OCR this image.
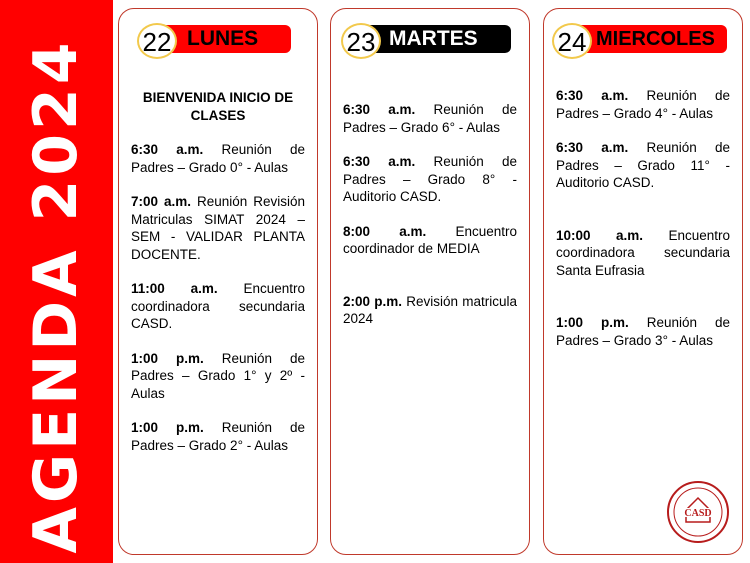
AGENDA 2024 22 LUNES
BIENVENIDA INICIO DE CLASES
6:30 a.m. Reunión de Padres – Grado 0° - Aulas
7:00 a.m. Reunión Revisión Matriculas SIMAT 2024 – SEM - VALIDAR PLANTA DOCENTE.
11:00 a.m. Encuentro coordinadora secundaria CASD.
1:00 p.m. Reunión de Padres – Grado 1° y 2º - Aulas
1:00 p.m. Reunión de Padres – Grado 2° - Aulas
23 MARTES
6:30 a.m. Reunión de Padres – Grado 6° - Aulas
6:30 a.m. Reunión de Padres – Grado 8° - Auditorio CASD.
8:00 a.m. Encuentro coordinador de MEDIA
2:00 p.m. Revisión matricula 2024
24 MIERCOLES
6:30 a.m. Reunión de Padres – Grado 4° - Aulas
6:30 a.m. Reunión de Padres – Grado 11° - Auditorio CASD.
10:00 a.m. Encuentro coordinadora secundaria Santa Eufrasia
1:00 p.m. Reunión de Padres – Grado 3° - Aulas
CASD
